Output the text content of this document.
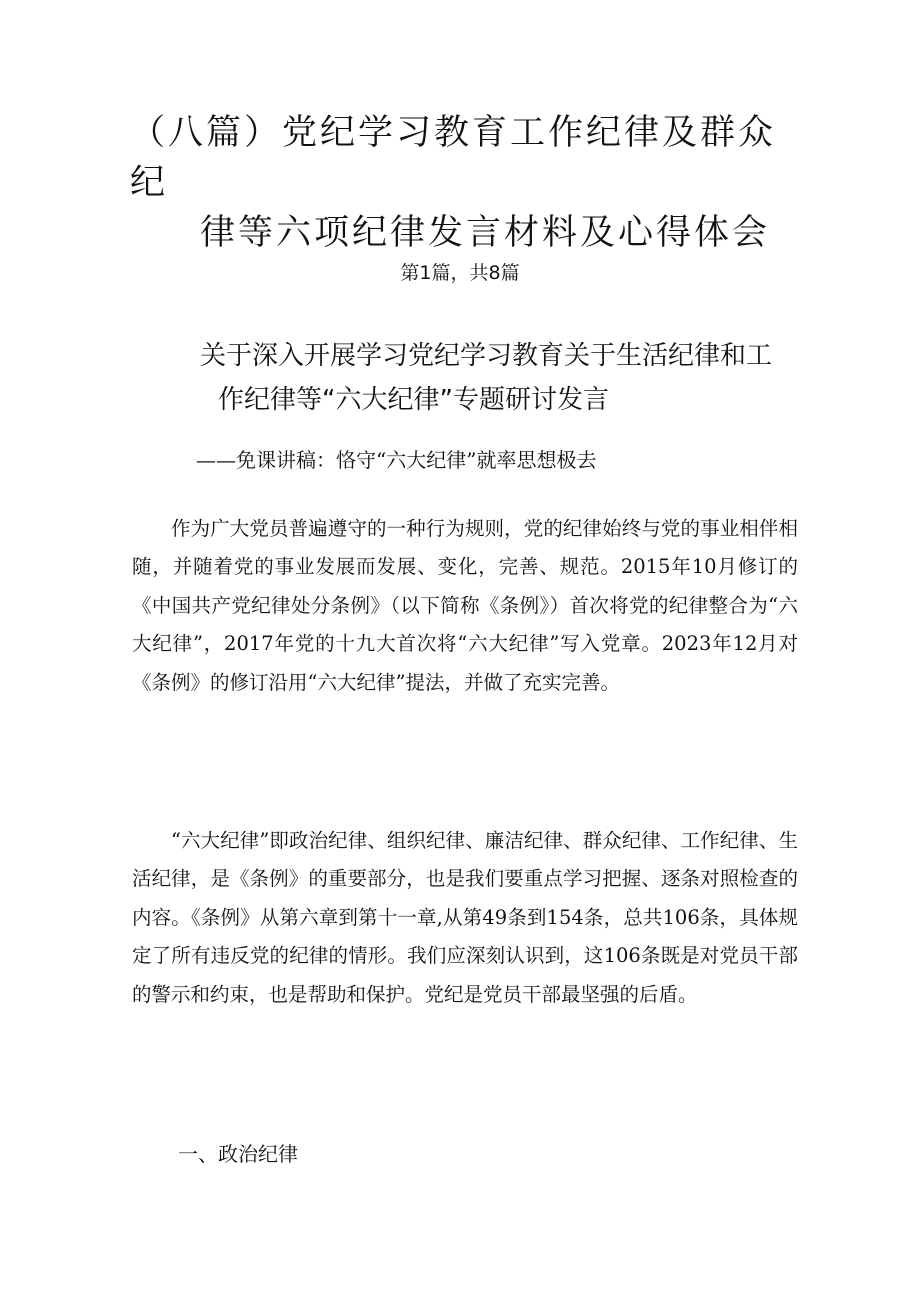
（八篇）党纪学习教育工作纪律及群众纪
律等六项纪律发言材料及心得体会
第1篇，共8篇
关于深入开展学习党纪学习教育关于生活纪律和工
作纪律等“六大纪律”专题研讨发言
——免课讲稿：恪守“六大纪律”就率思想极去

作为广大党员普遍遵守的一种行为规则，党的纪律始终与党的事业相伴相随，并随着党的事业发展而发展、变化，完善、规范。2015年10月修订的《中国共产党纪律处分条例》（以下简称《条例》）首次将党的纪律整合为“六大纪律”，2017年党的十九大首次将“六大纪律”写入党章。2023年12月对《条例》的修订沿用“六大纪律”提法，并做了充实完善。

“六大纪律”即政治纪律、组织纪律、廉洁纪律、群众纪律、工作纪律、生活纪律，是《条例》的重要部分，也是我们要重点学习把握、逐条对照检查的内容。《条例》从第六章到第十一章,从第49条到154条，总共106条，具体规定了所有违反党的纪律的情形。我们应深刻认识到，这106条既是对党员干部的警示和约束，也是帮助和保护。党纪是党员干部最坚强的后盾。

一、政治纪律
